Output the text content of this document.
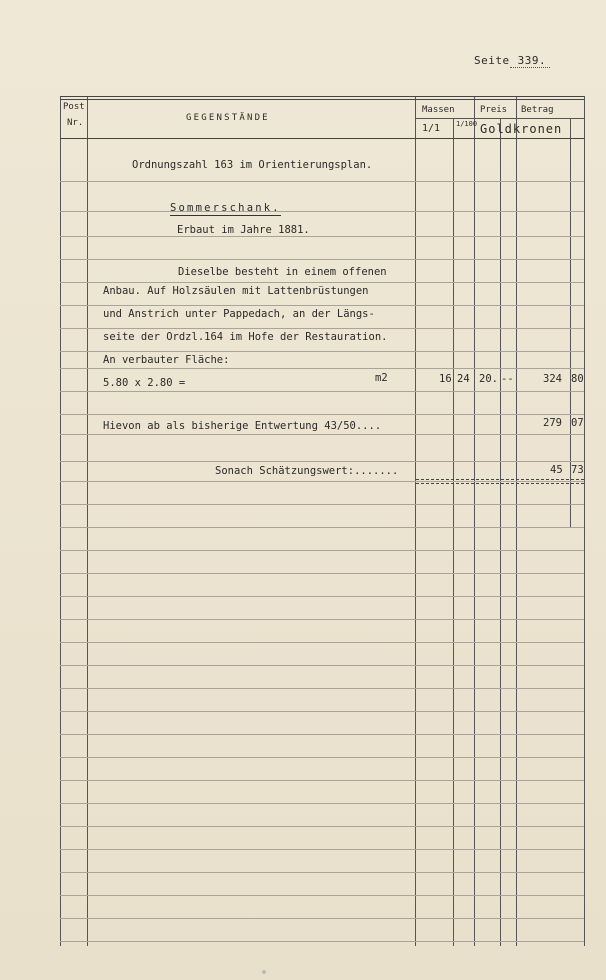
Seite 339.
Post
Nr.	GEGENSTÄNDE
Massen	Preis Betrag
1/1 1/100 Goldkronen
Ordnungszahl 163 im Orientierungsplan.
Sommerschank.
Erbaut im Jahre 1881.
Dieselbe besteht in einem offenen
Anbau. Auf Holzsäulen mit Lattenbrüstungen
und Anstrich unter Pappedach, an der Längs-
seite der Ordzl.164 im Hofe der Restauration.
An verbauter Fläche:
5.80 x 2.80 =	m2	16 24 20. --	324 80
Hievon ab als bisherige Entwertung 43/50....	279 07
Sonach Schätzungswert:.......	45 73
